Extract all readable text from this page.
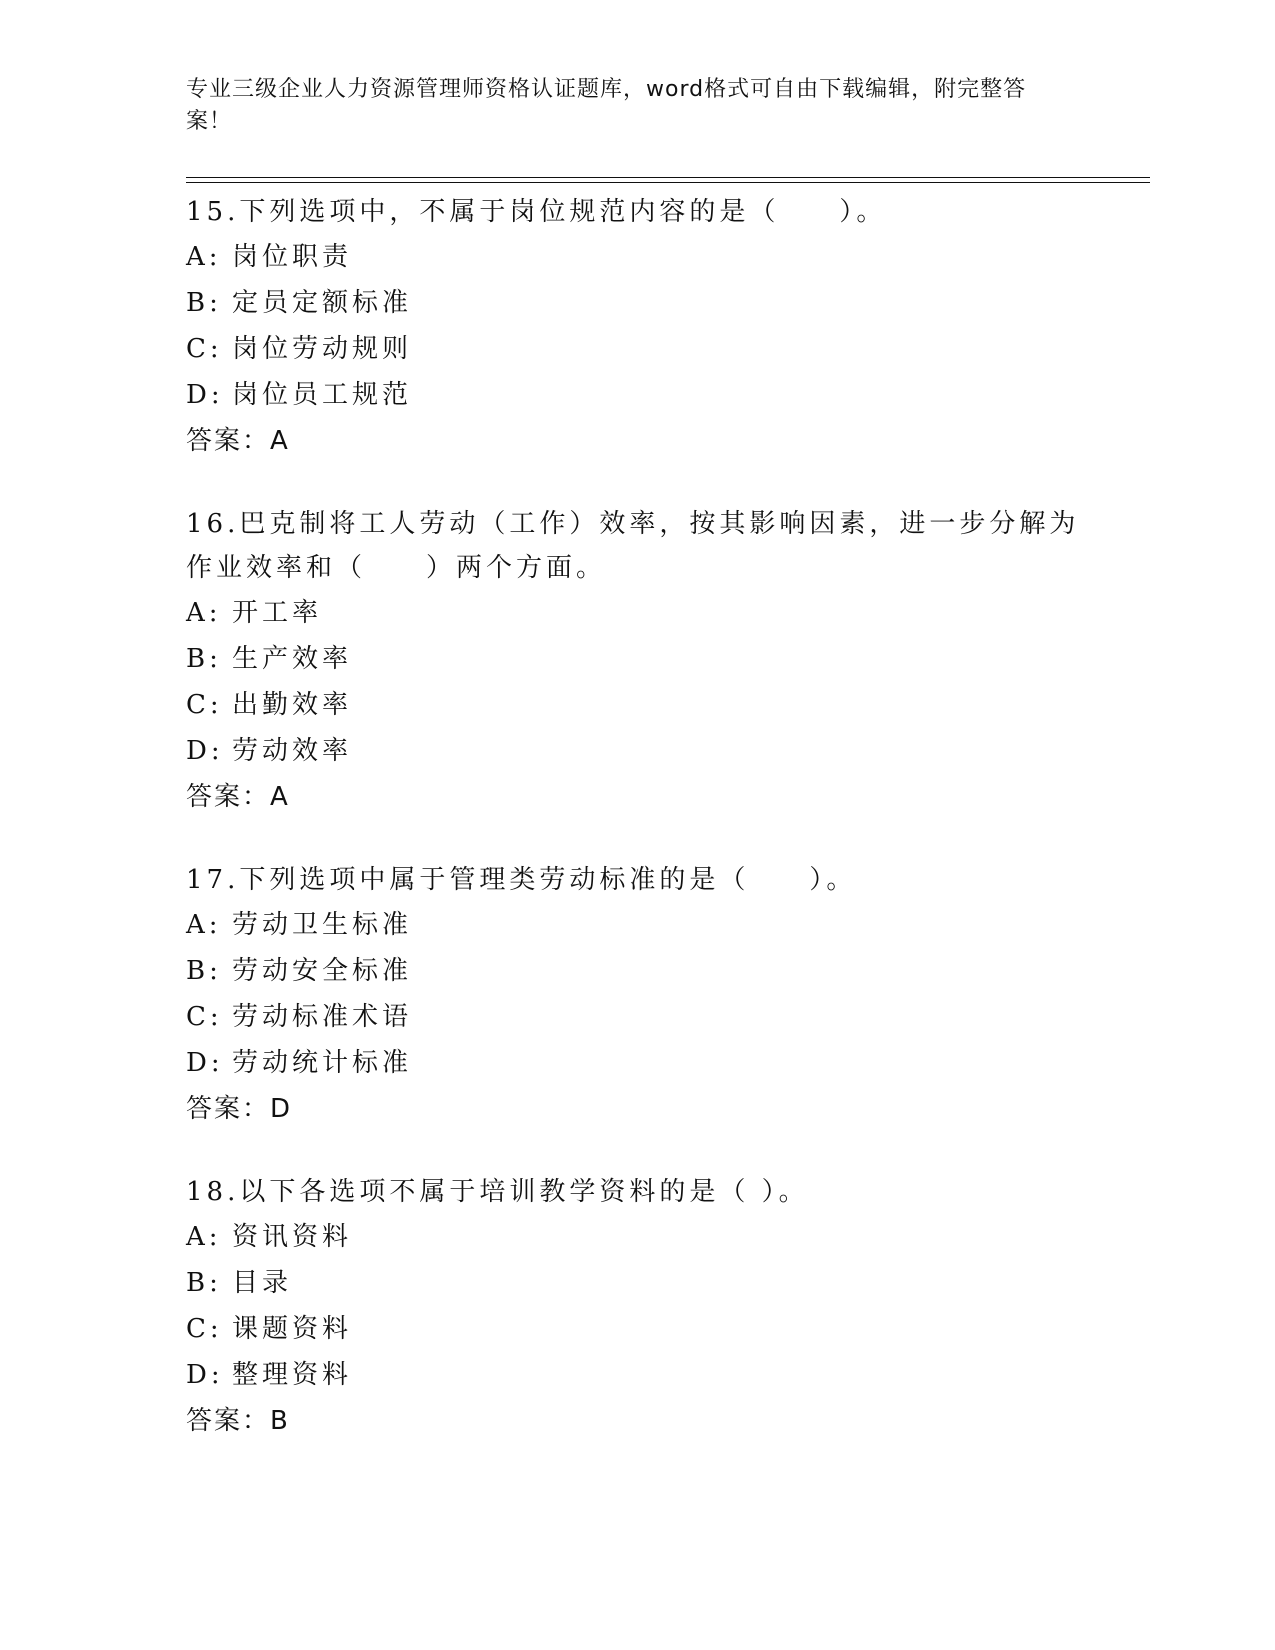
专业三级企业人力资源管理师资格认证题库，word格式可自由下载编辑，附完整答案！

15.下列选项中，不属于岗位规范内容的是（　　）。

A: 岗位职责
B: 定员定额标准
C: 岗位劳动规则
D: 岗位员工规范
答案：A

16.巴克制将工人劳动（工作）效率，按其影响因素，进一步分解为作业效率和（　　）两个方面。

A: 开工率
B: 生产效率
C: 出勤效率
D: 劳动效率
答案：A

17.下列选项中属于管理类劳动标准的是（　　）。

A: 劳动卫生标准
B: 劳动安全标准
C: 劳动标准术语
D: 劳动统计标准
答案：D

18.以下各选项不属于培训教学资料的是（ ）。

A: 资讯资料
B: 目录
C: 课题资料
D: 整理资料
答案：B
